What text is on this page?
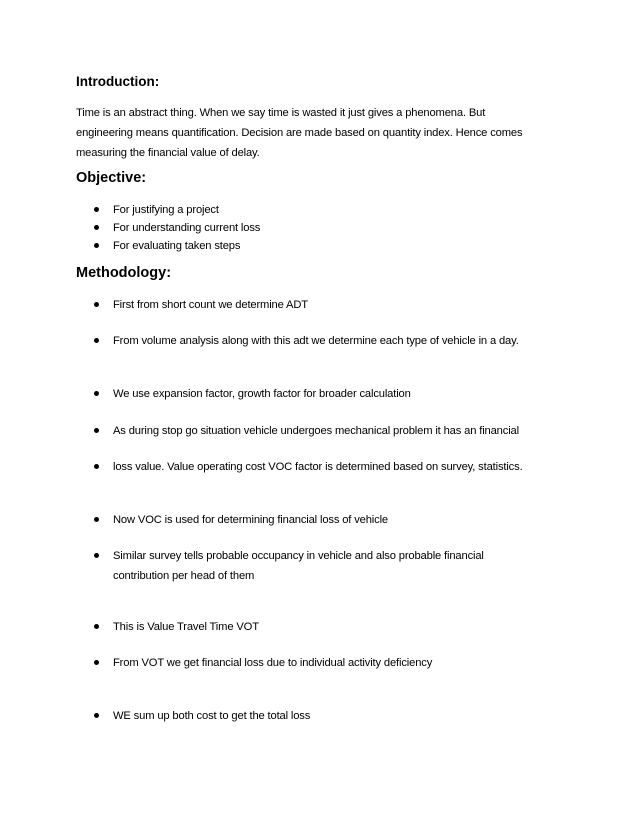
Introduction:
Time is an abstract thing. When we say time is wasted it just gives a phenomena. But
engineering means quantification. Decision are made based on quantity index. Hence comes
measuring the financial value of delay.
Objective:
For justifying a project
For understanding current loss
For evaluating taken steps
Methodology:
First from short count we determine ADT
From volume analysis along with this adt we determine each type of vehicle in a day.
We use expansion factor, growth factor for broader calculation
As during stop go situation vehicle undergoes mechanical problem it has an financial
loss value. Value operating cost VOC factor is determined based on survey, statistics.
Now VOC is used for determining financial loss of vehicle
Similar survey tells probable occupancy in vehicle and also probable financial
contribution per head of them
This is Value Travel Time VOT
From VOT we get financial loss due to individual activity deficiency
WE sum up both cost to get the total loss
